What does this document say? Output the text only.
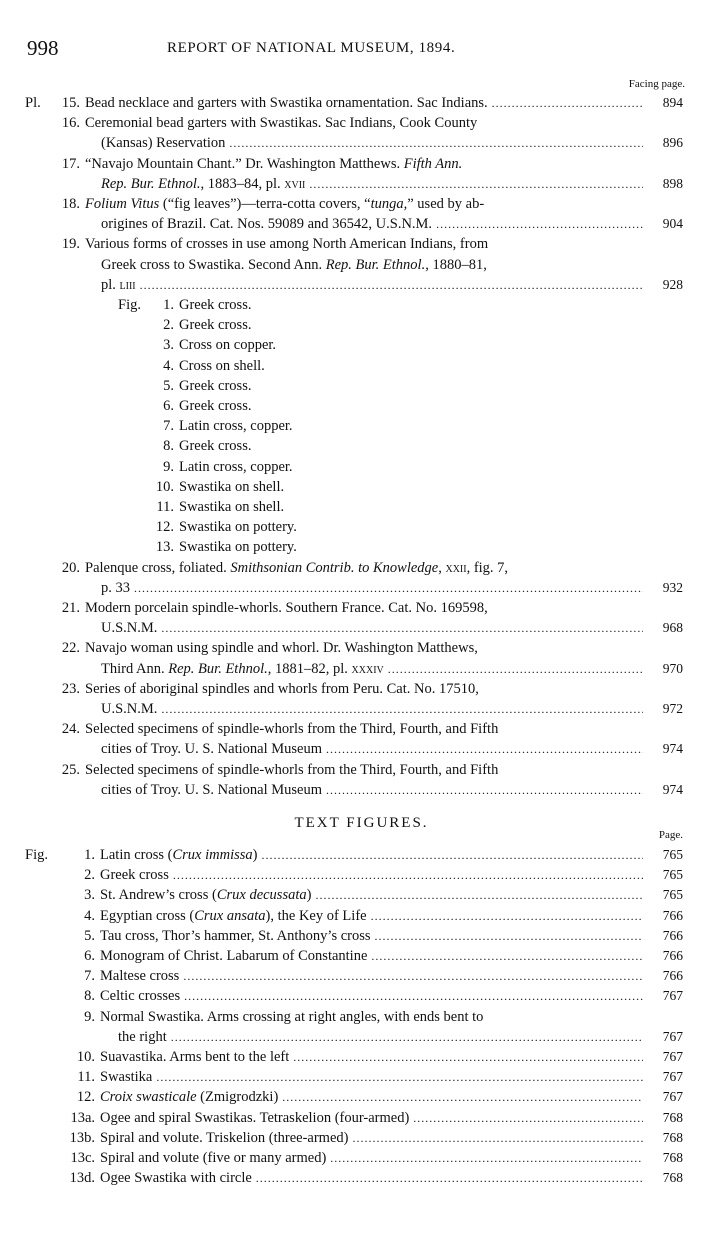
998	REPORT OF NATIONAL MUSEUM, 1894.
Facing page.
Pl. 15. Bead necklace and garters with Swastika ornamentation. Sac Indians.	894
. . .
16. Ceremonial bead garters with Swastikas. Sac Indians, Cook County
(Kansas) Reservation	896
. . .
17. “Navajo Mountain Chant.” Dr. Washington Matthews. Fifth Ann.
Rep. Bur. Ethnol., 1883–84, pl. xvii	898
. . .
18. Folium Vitus (“fig leaves”)—terra-cotta covers, “tunga,” used by ab-
origines of Brazil. Cat. Nos. 59089 and 36542, U.S.N.M.	904
. . .
19. Various forms of crosses in use among North American Indians, from
Greek cross to Swastika. Second Ann. Rep. Bur. Ethnol., 1880–81,
pl. liii	928
. . .
Fig. 1. Greek cross.
2. Greek cross.
3. Cross on copper.
4. Cross on shell.
5. Greek cross.
6. Greek cross.
7. Latin cross, copper.
8. Greek cross.
9. Latin cross, copper.
10. Swastika on shell.
11. Swastika on shell.
12. Swastika on pottery.
13. Swastika on pottery.
20. Palenque cross, foliated. Smithsonian Contrib. to Knowledge, xxii, fig. 7,
p. 33	932
. . .
21. Modern porcelain spindle-whorls. Southern France. Cat. No. 169598,
U.S.N.M.	968
. . .
22. Navajo woman using spindle and whorl. Dr. Washington Matthews,
Third Ann. Rep. Bur. Ethnol., 1881–82, pl. xxxiv	970
. . .
23. Series of aboriginal spindles and whorls from Peru. Cat. No. 17510,
U.S.N.M.	972
. . .
24. Selected specimens of spindle-whorls from the Third, Fourth, and Fifth
cities of Troy. U. S. National Museum	974
. . .
25. Selected specimens of spindle-whorls from the Third, Fourth, and Fifth
cities of Troy. U. S. National Museum	974
. . .
TEXT FIGURES.
Page.
Fig. 1. Latin cross (Crux immissa)	765
. . .
2. Greek cross	765
. . .
3. St. Andrew’s cross (Crux decussata)	765
. . .
4. Egyptian cross (Crux ansata), the Key of Life	766
. . .
5. Tau cross, Thor’s hammer, St. Anthony’s cross	766
. . .
6. Monogram of Christ. Labarum of Constantine	766
. . .
7. Maltese cross	766
. . .
8. Celtic crosses	767
. . .
9. Normal Swastika. Arms crossing at right angles, with ends bent to
the right	767
. . .
10. Suavastika. Arms bent to the left	767
. . .
11. Swastika	767
. . .
12. Croix swasticale (Zmigrodzki)	767
. . .
13a. Ogee and spiral Swastikas. Tetraskelion (four-armed)	768
. . .
13b. Spiral and volute. Triskelion (three-armed)	768
. . .
13c. Spiral and volute (five or many armed)	768
. . .
13d. Ogee Swastika with circle	768
. . .
